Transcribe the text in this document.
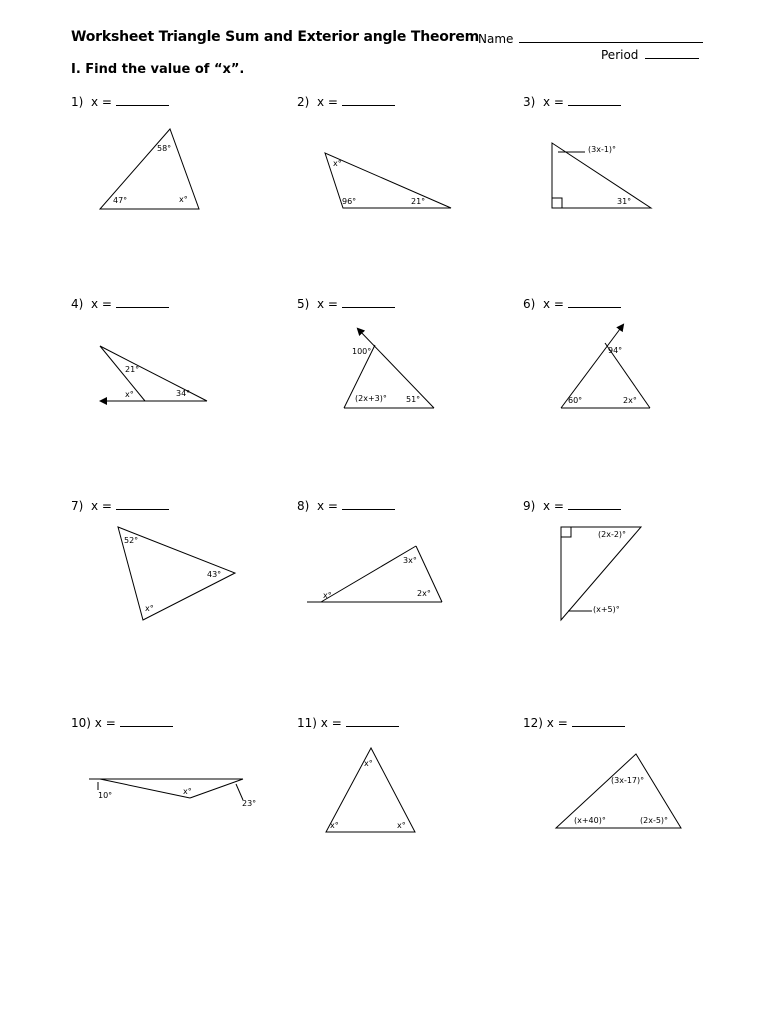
Worksheet Triangle Sum and Exterior angle Theorem
Name
Period
I. Find the value of “x”.
1) x =	2) x =	3) x =
4) x =	5) x =	6) x =
7) x =	8) x =	9) x =
10) x =	11) x =	12) x =
58°
47°	x°
x°
96°	21°
(3x-1)°
31°
21°
x°	34°
100°
(2x+3)° 51°
94°
60°	2x°
52°
43°
x°
3x°
x°	2x°
(2x-2)°
(x+5)°
10°	x°
23°
x°
x°	x°
(3x-17)°
(x+40)°	(2x-5)°
